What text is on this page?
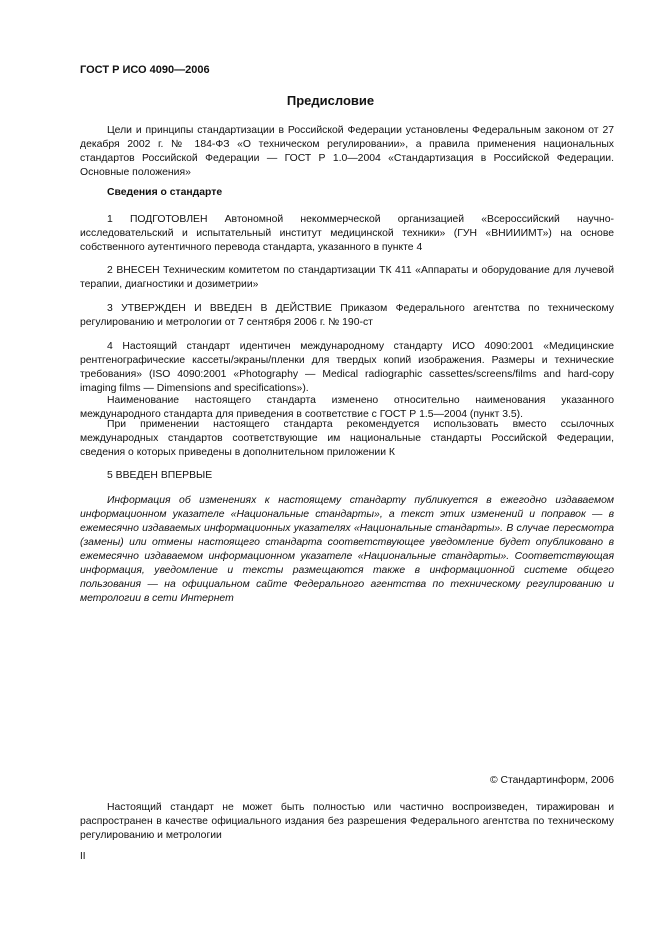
ГОСТ Р ИСО 4090—2006
Предисловие
Цели и принципы стандартизации в Российской Федерации установлены Федеральным законом от 27 декабря 2002 г. № 184-ФЗ «О техническом регулировании», а правила применения национальных стандартов Российской Федерации — ГОСТ Р 1.0—2004 «Стандартизация в Российской Федерации. Основные положения»
Сведения о стандарте
1 ПОДГОТОВЛЕН Автономной некоммерческой организацией «Всероссийский научно-исследовательский и испытательный институт медицинской техники» (ГУН «ВНИИИМТ») на основе собственного аутентичного перевода стандарта, указанного в пункте 4
2 ВНЕСЕН Техническим комитетом по стандартизации ТК 411 «Аппараты и оборудование для лучевой терапии, диагностики и дозиметрии»
3 УТВЕРЖДЕН И ВВЕДЕН В ДЕЙСТВИЕ Приказом Федерального агентства по техническому регулированию и метрологии от 7 сентября 2006 г. № 190-ст
4 Настоящий стандарт идентичен международному стандарту ИСО 4090:2001 «Медицинские рентгенографические кассеты/экраны/пленки для твердых копий изображения. Размеры и технические требования» (ISO 4090:2001 «Photography — Medical radiographic cassettes/screens/films and hard-copy imaging films — Dimensions and specifications»).
Наименование настоящего стандарта изменено относительно наименования указанного международного стандарта для приведения в соответствие с ГОСТ Р 1.5—2004 (пункт 3.5).
При применении настоящего стандарта рекомендуется использовать вместо ссылочных международных стандартов соответствующие им национальные стандарты Российской Федерации, сведения о которых приведены в дополнительном приложении К
5 ВВЕДЕН ВПЕРВЫЕ
Информация об изменениях к настоящему стандарту публикуется в ежегодно издаваемом информационном указателе «Национальные стандарты», а текст этих изменений и поправок — в ежемесячно издаваемых информационных указателях «Национальные стандарты». В случае пересмотра (замены) или отмены настоящего стандарта соответствующее уведомление будет опубликовано в ежемесячно издаваемом информационном указателе «Национальные стандарты». Соответствующая информация, уведомление и тексты размещаются также в информационной системе общего пользования — на официальном сайте Федерального агентства по техническому регулированию и метрологии в сети Интернет
© Стандартинформ, 2006
Настоящий стандарт не может быть полностью или частично воспроизведен, тиражирован и распространен в качестве официального издания без разрешения Федерального агентства по техническому регулированию и метрологии
II
